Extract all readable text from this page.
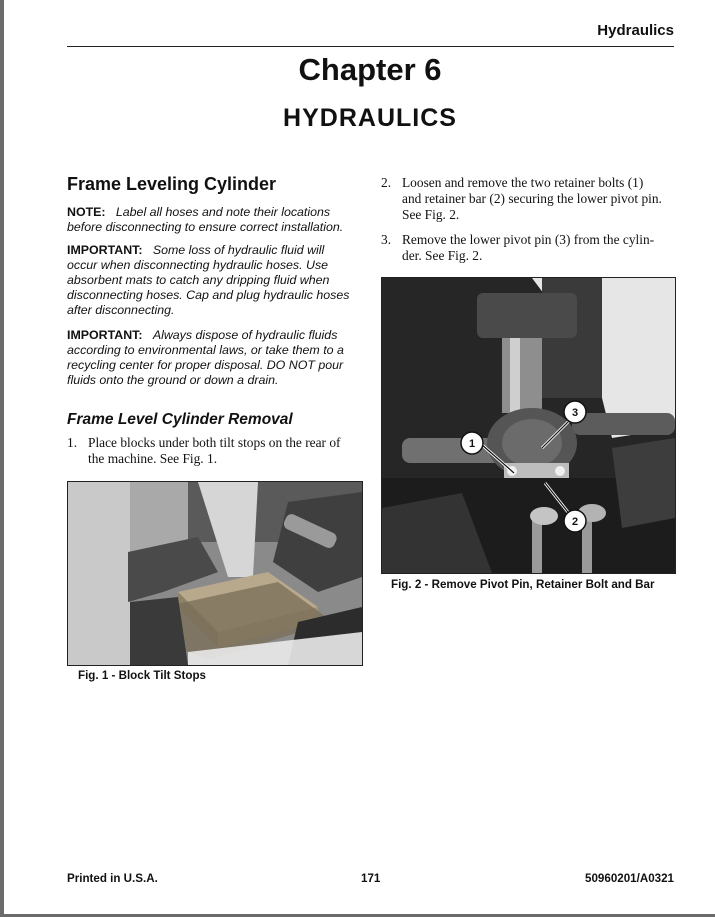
Hydraulics
Chapter 6
HYDRAULICS
Frame Leveling Cylinder
NOTE: Label all hoses and note their locations
before disconnecting to ensure correct installation.
IMPORTANT: Some loss of hydraulic fluid will
occur when disconnecting hydraulic hoses. Use
absorbent mats to catch any dripping fluid when
disconnecting hoses. Cap and plug hydraulic hoses
after disconnecting.
IMPORTANT: Always dispose of hydraulic fluids
according to environmental laws, or take them to a
recycling center for proper disposal. DO NOT pour
fluids onto the ground or down a drain.
Frame Level Cylinder Removal
1. Place blocks under both tilt stops on the rear of
the machine. See Fig. 1.
Fig. 1 - Block Tilt Stops
2. Loosen and remove the two retainer bolts (1)
and retainer bar (2) securing the lower pivot pin.
See Fig. 2.
3. Remove the lower pivot pin (3) from the cylin-
der. See Fig. 2.
1
2
3
Fig. 2 - Remove Pivot Pin, Retainer Bolt and Bar
Printed in U.S.A.	171	50960201/A0321
